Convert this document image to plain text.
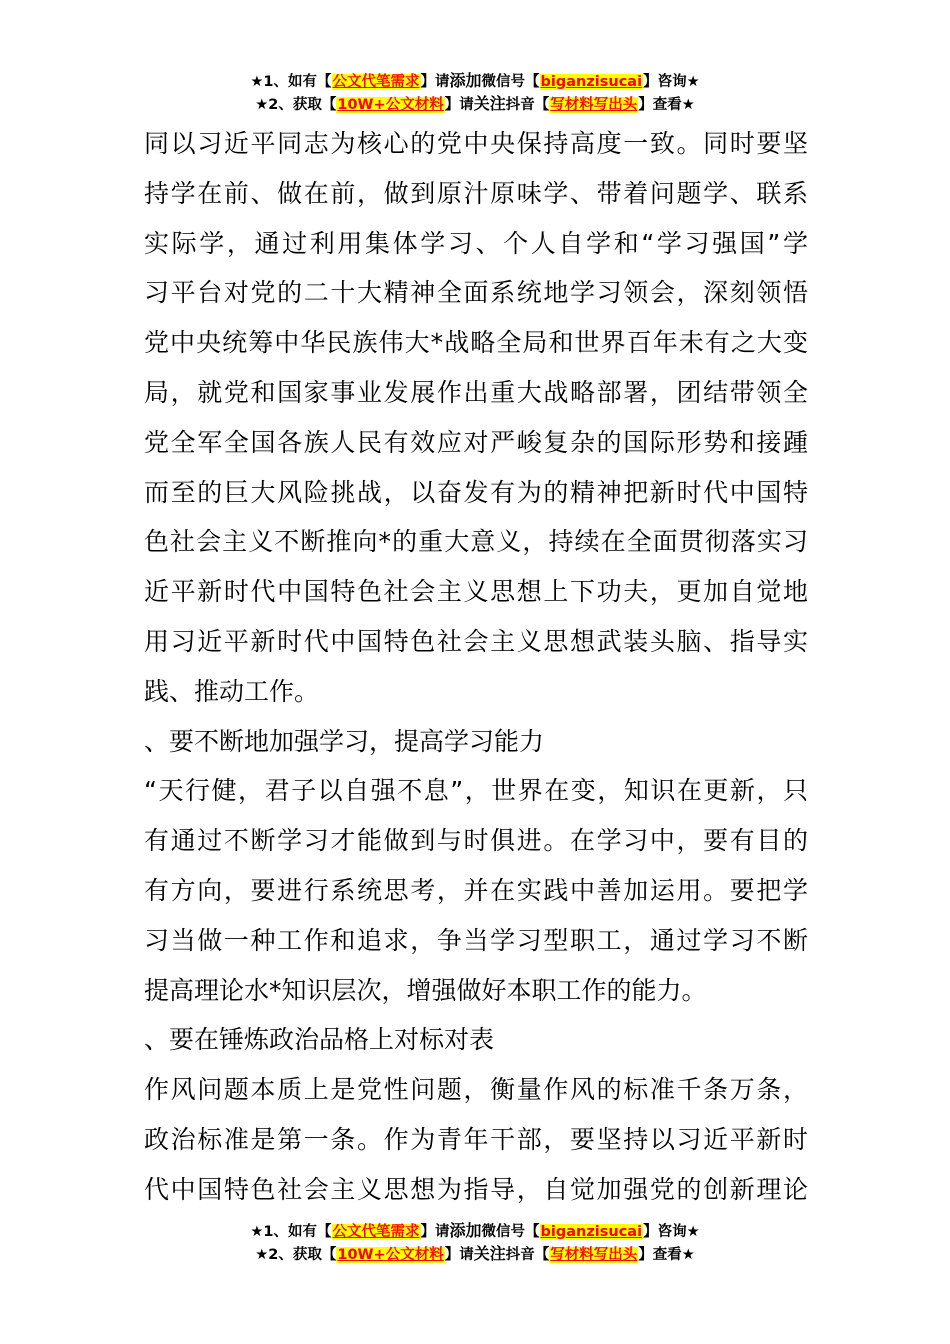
★1、如有【公文代笔需求】请添加微信号【biganzisucai】咨询★
★2、获取【10W+公文材料】请关注抖音【写材料写出头】查看★
同以习近平同志为核心的党中央保持高度一致。同时要坚
持学在前、做在前，做到原汁原味学、带着问题学、联系
实际学，通过利用集体学习、个人自学和“学习强国”学
习平台对党的二十大精神全面系统地学习领会，深刻领悟
党中央统筹中华民族伟大*战略全局和世界百年未有之大变
局，就党和国家事业发展作出重大战略部署，团结带领全
党全军全国各族人民有效应对严峻复杂的国际形势和接踵
而至的巨大风险挑战，以奋发有为的精神把新时代中国特
色社会主义不断推向*的重大意义，持续在全面贯彻落实习
近平新时代中国特色社会主义思想上下功夫，更加自觉地
用习近平新时代中国特色社会主义思想武装头脑、指导实
践、推动工作。
、要不断地加强学习，提高学习能力
“天行健，君子以自强不息”，世界在变，知识在更新，只
有通过不断学习才能做到与时俱进。在学习中，要有目的
有方向，要进行系统思考，并在实践中善加运用。要把学
习当做一种工作和追求，争当学习型职工，通过学习不断
提高理论水*知识层次，增强做好本职工作的能力。
、要在锤炼政治品格上对标对表
作风问题本质上是党性问题，衡量作风的标准千条万条，
政治标准是第一条。作为青年干部，要坚持以习近平新时
代中国特色社会主义思想为指导，自觉加强党的创新理论
★1、如有【公文代笔需求】请添加微信号【biganzisucai】咨询★
★2、获取【10W+公文材料】请关注抖音【写材料写出头】查看★
